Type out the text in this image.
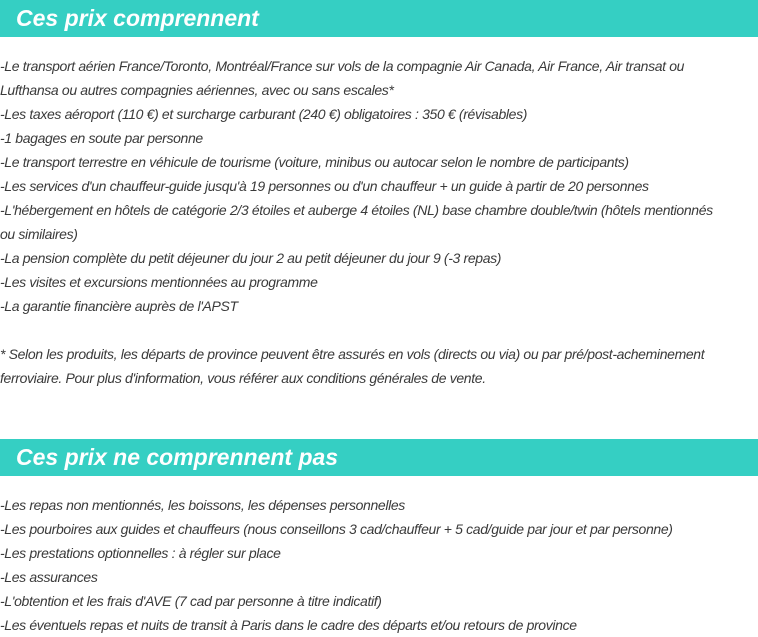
Ces prix comprennent
-Le transport aérien France/Toronto, Montréal/France sur vols de la compagnie Air Canada, Air France, Air transat ou
Lufthansa ou autres compagnies aériennes, avec ou sans escales*
-Les taxes aéroport (110 €) et surcharge carburant (240 €) obligatoires : 350 € (révisables)
-1 bagages en soute par personne
-Le transport terrestre en véhicule de tourisme (voiture, minibus ou autocar selon le nombre de participants)
-Les services d'un chauffeur-guide jusqu'à 19 personnes ou d'un chauffeur + un guide à partir de 20 personnes
-L'hébergement en hôtels de catégorie 2/3 étoiles et auberge 4 étoiles (NL) base chambre double/twin (hôtels mentionnés
ou similaires)
-La pension complète du petit déjeuner du jour 2 au petit déjeuner du jour 9 (-3 repas)
-Les visites et excursions mentionnées au programme
-La garantie financière auprès de l'APST
* Selon les produits, les départs de province peuvent être assurés en vols (directs ou via) ou par pré/post-acheminement
ferroviaire. Pour plus d'information, vous référer aux conditions générales de vente.
Ces prix ne comprennent pas
-Les repas non mentionnés, les boissons, les dépenses personnelles
-Les pourboires aux guides et chauffeurs (nous conseillons 3 cad/chauffeur + 5 cad/guide par jour et par personne)
-Les prestations optionnelles : à régler sur place
-Les assurances
-L'obtention et les frais d'AVE (7 cad par personne à titre indicatif)
-Les éventuels repas et nuits de transit à Paris dans le cadre des départs et/ou retours de province
